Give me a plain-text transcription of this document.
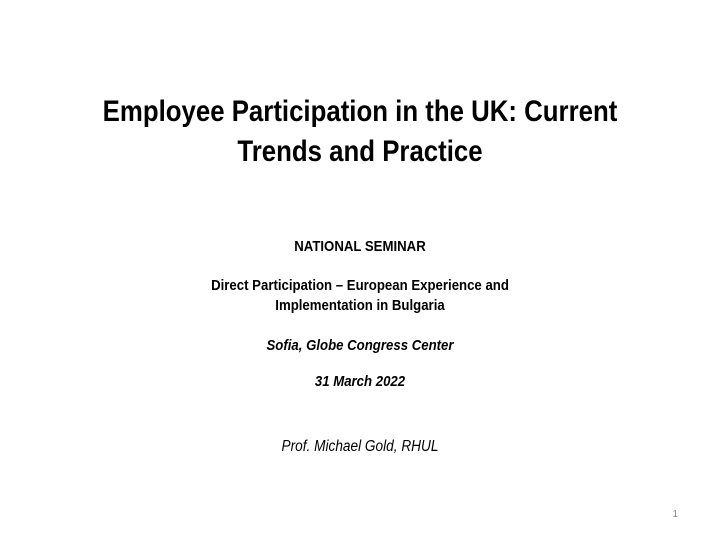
Employee Participation in the UK: Current
Trends and Practice
NATIONAL SEMINAR
Direct Participation – European Experience and
Implementation in Bulgaria
Sofia, Globe Congress Center
31 March 2022
Prof. Michael Gold, RHUL
1
